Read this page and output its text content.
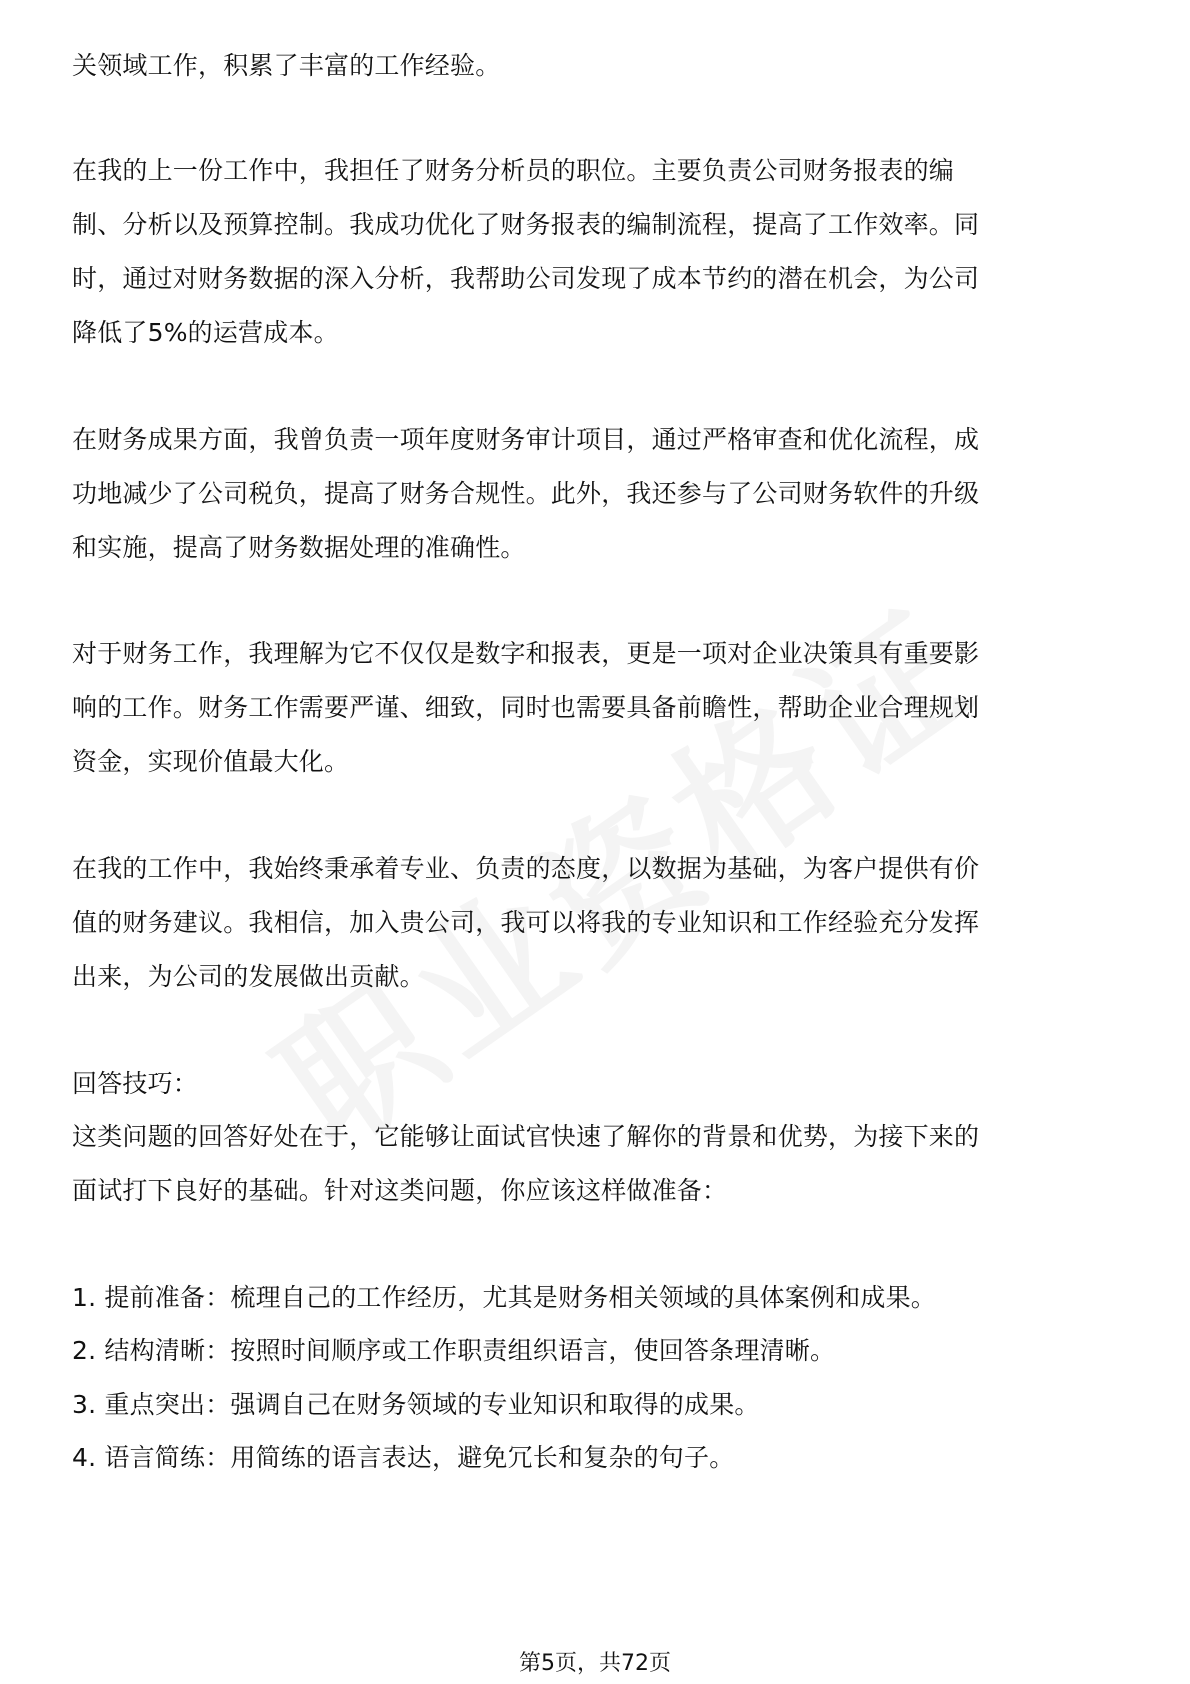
关领域工作，积累了丰富的工作经验。

在我的上一份工作中，我担任了财务分析员的职位。主要负责公司财务报表的编

制、分析以及预算控制。我成功优化了财务报表的编制流程，提高了工作效率。同

时，通过对财务数据的深入分析，我帮助公司发现了成本节约的潜在机会，为公司

降低了5%的运营成本。

在财务成果方面，我曾负责一项年度财务审计项目，通过严格审查和优化流程，成

功地减少了公司税负，提高了财务合规性。此外，我还参与了公司财务软件的升级

和实施，提高了财务数据处理的准确性。

对于财务工作，我理解为它不仅仅是数字和报表，更是一项对企业决策具有重要影

响的工作。财务工作需要严谨、细致，同时也需要具备前瞻性，帮助企业合理规划

资金，实现价值最大化。

在我的工作中，我始终秉承着专业、负责的态度，以数据为基础，为客户提供有价

值的财务建议。我相信，加入贵公司，我可以将我的专业知识和工作经验充分发挥

出来，为公司的发展做出贡献。

回答技巧：

这类问题的回答好处在于，它能够让面试官快速了解你的背景和优势，为接下来的

面试打下良好的基础。针对这类问题，你应该这样做准备：

1. 提前准备：梳理自己的工作经历，尤其是财务相关领域的具体案例和成果。

2. 结构清晰：按照时间顺序或工作职责组织语言，使回答条理清晰。

3. 重点突出：强调自己在财务领域的专业知识和取得的成果。

4. 语言简练：用简练的语言表达，避免冗长和复杂的句子。

第5页，共72页
